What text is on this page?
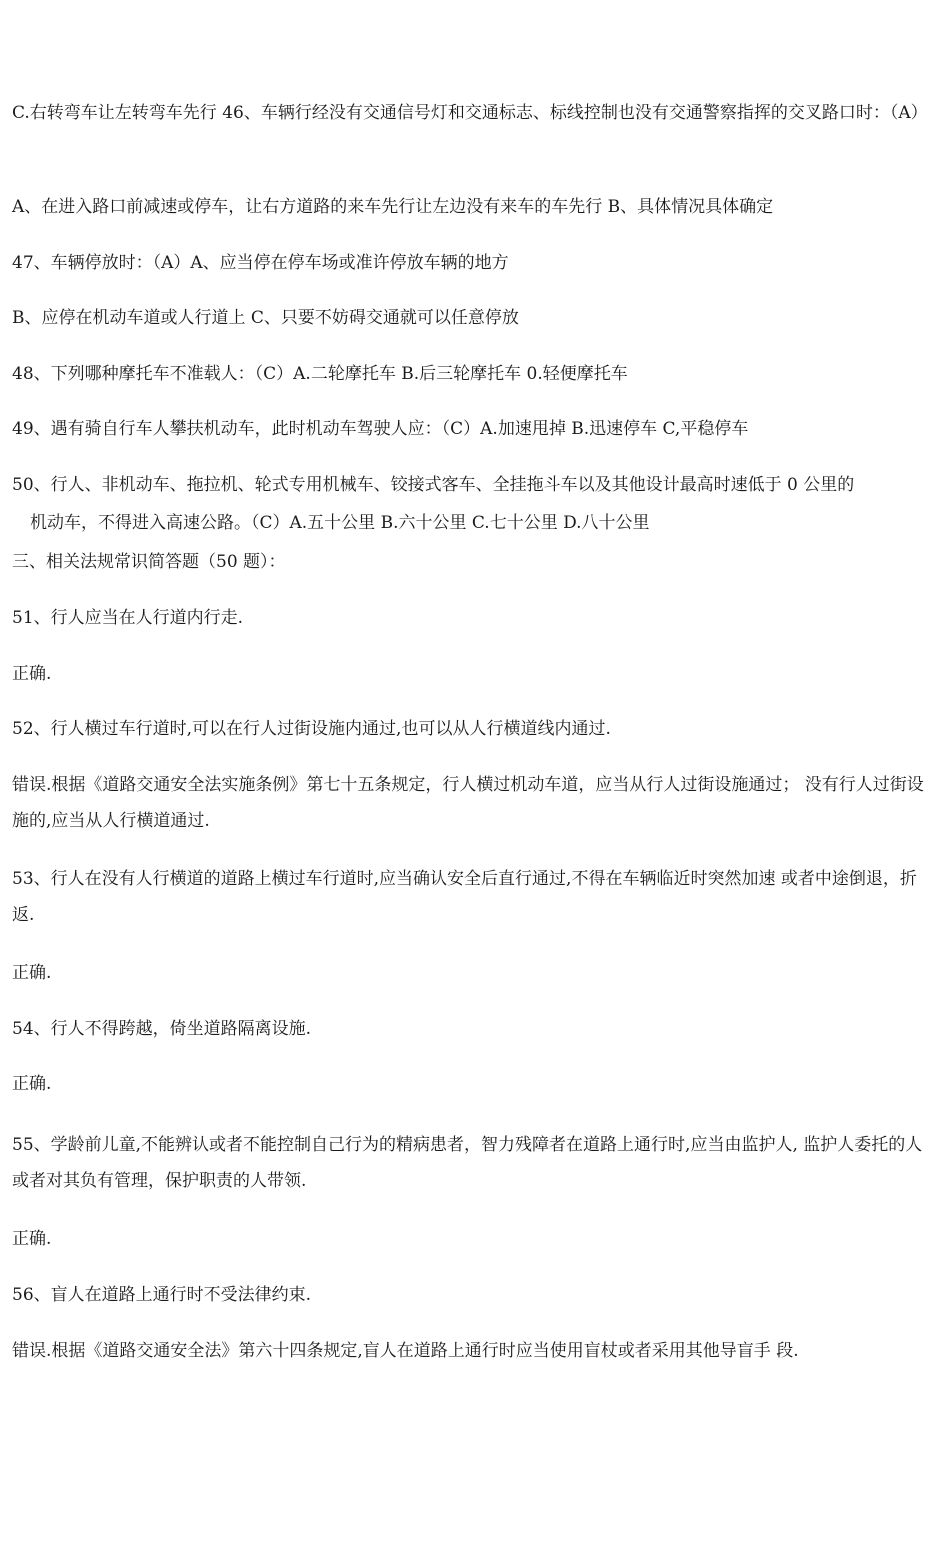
C.右转弯车让左转弯车先行 46、车辆行经没有交通信号灯和交通标志、标线控制也没有交通警察指挥的交叉路口时：（A）
A、在进入路口前减速或停车，让右方道路的来车先行让左边没有来车的车先行 B、具体情况具体确定
47、车辆停放时：（A）A、应当停在停车场或准许停放车辆的地方
B、应停在机动车道或人行道上 C、只要不妨碍交通就可以任意停放
48、下列哪种摩托车不准载人：（C）A.二轮摩托车 B.后三轮摩托车 0.轻便摩托车
49、遇有骑自行车人攀扶机动车，此时机动车驾驶人应：（C）A.加速甩掉 B.迅速停车 C,平稳停车
50、行人、非机动车、拖拉机、轮式专用机械车、铰接式客车、全挂拖斗车以及其他设计最高时速低于 0 公里的
机动车，不得进入高速公路。（C）A.五十公里 B.六十公里 C.七十公里 D.八十公里
三、相关法规常识简答题（50 题）：
51、行人应当在人行道内行走.
正确.
52、行人横过车行道时,可以在行人过街设施内通过,也可以从人行横道线内通过.
错误.根据《道路交通安全法实施条例》第七十五条规定，行人横过机动车道，应当从行人过街设施通过； 没有行人过街设施的,应当从人行横道通过.
53、行人在没有人行横道的道路上横过车行道时,应当确认安全后直行通过,不得在车辆临近时突然加速 或者中途倒退，折返.
正确.
54、行人不得跨越，倚坐道路隔离设施.
正确.
55、学龄前儿童,不能辨认或者不能控制自己行为的精病患者，智力残障者在道路上通行时,应当由监护人, 监护人委托的人或者对其负有管理，保护职责的人带领.
正确.
56、盲人在道路上通行时不受法律约束.
错误.根据《道路交通安全法》第六十四条规定,盲人在道路上通行时应当使用盲杖或者采用其他导盲手 段.
